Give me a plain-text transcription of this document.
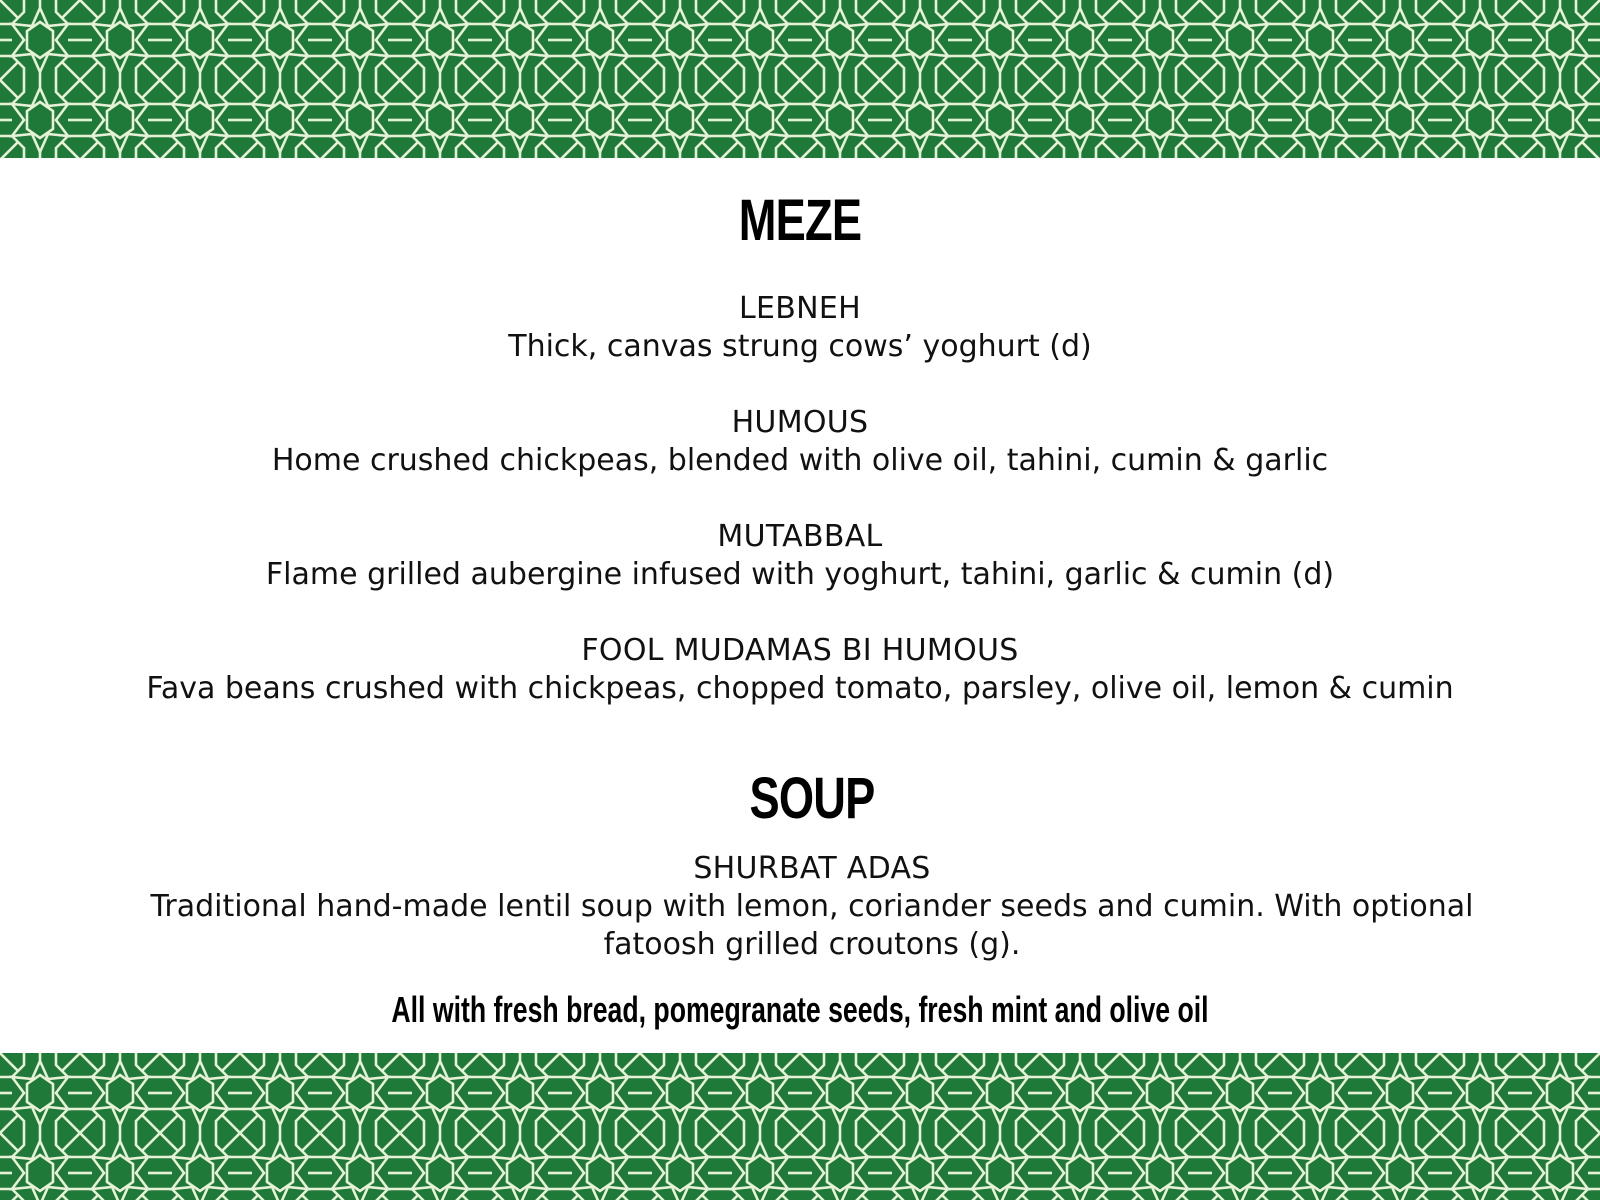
MEZE
LEBNEH
Thick, canvas strung cows’ yoghurt (d)
HUMOUS
Home crushed chickpeas, blended with olive oil, tahini, cumin & garlic
MUTABBAL
Flame grilled aubergine infused with yoghurt, tahini, garlic & cumin (d)
FOOL MUDAMAS BI HUMOUS
Fava beans crushed with chickpeas, chopped tomato, parsley, olive oil, lemon & cumin
SOUP
SHURBAT ADAS
Traditional hand-made lentil soup with lemon, coriander seeds and cumin. With optional fatoosh grilled croutons (g).
All with fresh bread, pomegranate seeds, fresh mint and olive oil
